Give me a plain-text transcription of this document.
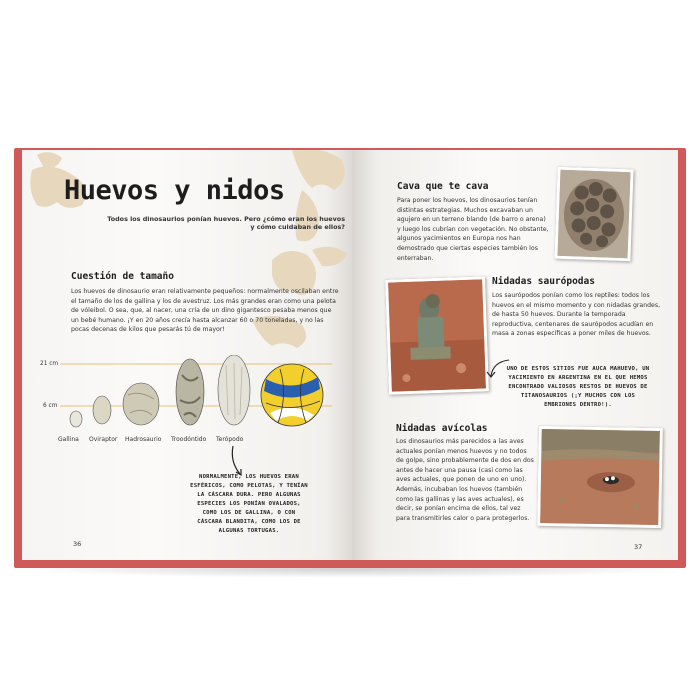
Huevos y nidos
Todos los dinosaurios ponían huevos. Pero ¿cómo eran los huevos y cómo cuidaban de ellos?
Cuestión de tamaño
Los huevos de dinosaurio eran relativamente pequeños: normalmente oscilaban entre el tamaño de los de gallina y los de avestruz. Los más grandes eran como una pelota de vóleibol. O sea, que, al nacer, una cría de un dino gigantesco pesaba menos que un bebé humano. ¡Y en 20 años crecía hasta alcanzar 60 o 70 toneladas, y no las pocas decenas de kilos que pesarás tú de mayor!
21 cm
6 cm
Gallina Oviraptor Hadrosaurio Troodóntido Terópodo
NORMALMENTE, LOS HUEVOS ERAN ESFÉRICOS, COMO PELOTAS, Y TENÍAN LA CÁSCARA DURA. PERO ALGUNAS ESPECIES LOS PONÍAN OVALADOS, COMO LOS DE GALLINA, O CON CÁSCARA BLANDITA, COMO LOS DE ALGUNAS TORTUGAS.
36
Cava que te cava
Para poner los huevos, los dinosaurios tenían distintas estrategias. Muchos excavaban un agujero en un terreno blando (de barro o arena) y luego los cubrían con vegetación. No obstante, algunos yacimientos en Europa nos han demostrado que ciertas especies también los enterraban.
Nidadas saurópodas
Los saurópodos ponían como los reptiles: todos los huevos en el mismo momento y con nidadas grandes, de hasta 50 huevos. Durante la temporada reproductiva, centenares de saurópodos acudían en masa a zonas específicas a poner miles de huevos.
UNO DE ESTOS SITIOS FUE AUCA MAHUEVO, UN YACIMIENTO EN ARGENTINA EN EL QUE HEMOS ENCONTRADO VALIOSOS RESTOS DE HUEVOS DE TITANOSAURIOS (¡Y MUCHOS CON LOS EMBRIONES DENTRO!).
Nidadas avícolas
Los dinosaurios más parecidos a las aves actuales ponían menos huevos y no todos de golpe, sino probablemente de dos en dos antes de hacer una pausa (casi como las aves actuales, que ponen de uno en uno). Además, incubaban los huevos (también como las gallinas y las aves actuales), es decir, se ponían encima de ellos, tal vez para transmitirles calor o para protegerlos.
37
